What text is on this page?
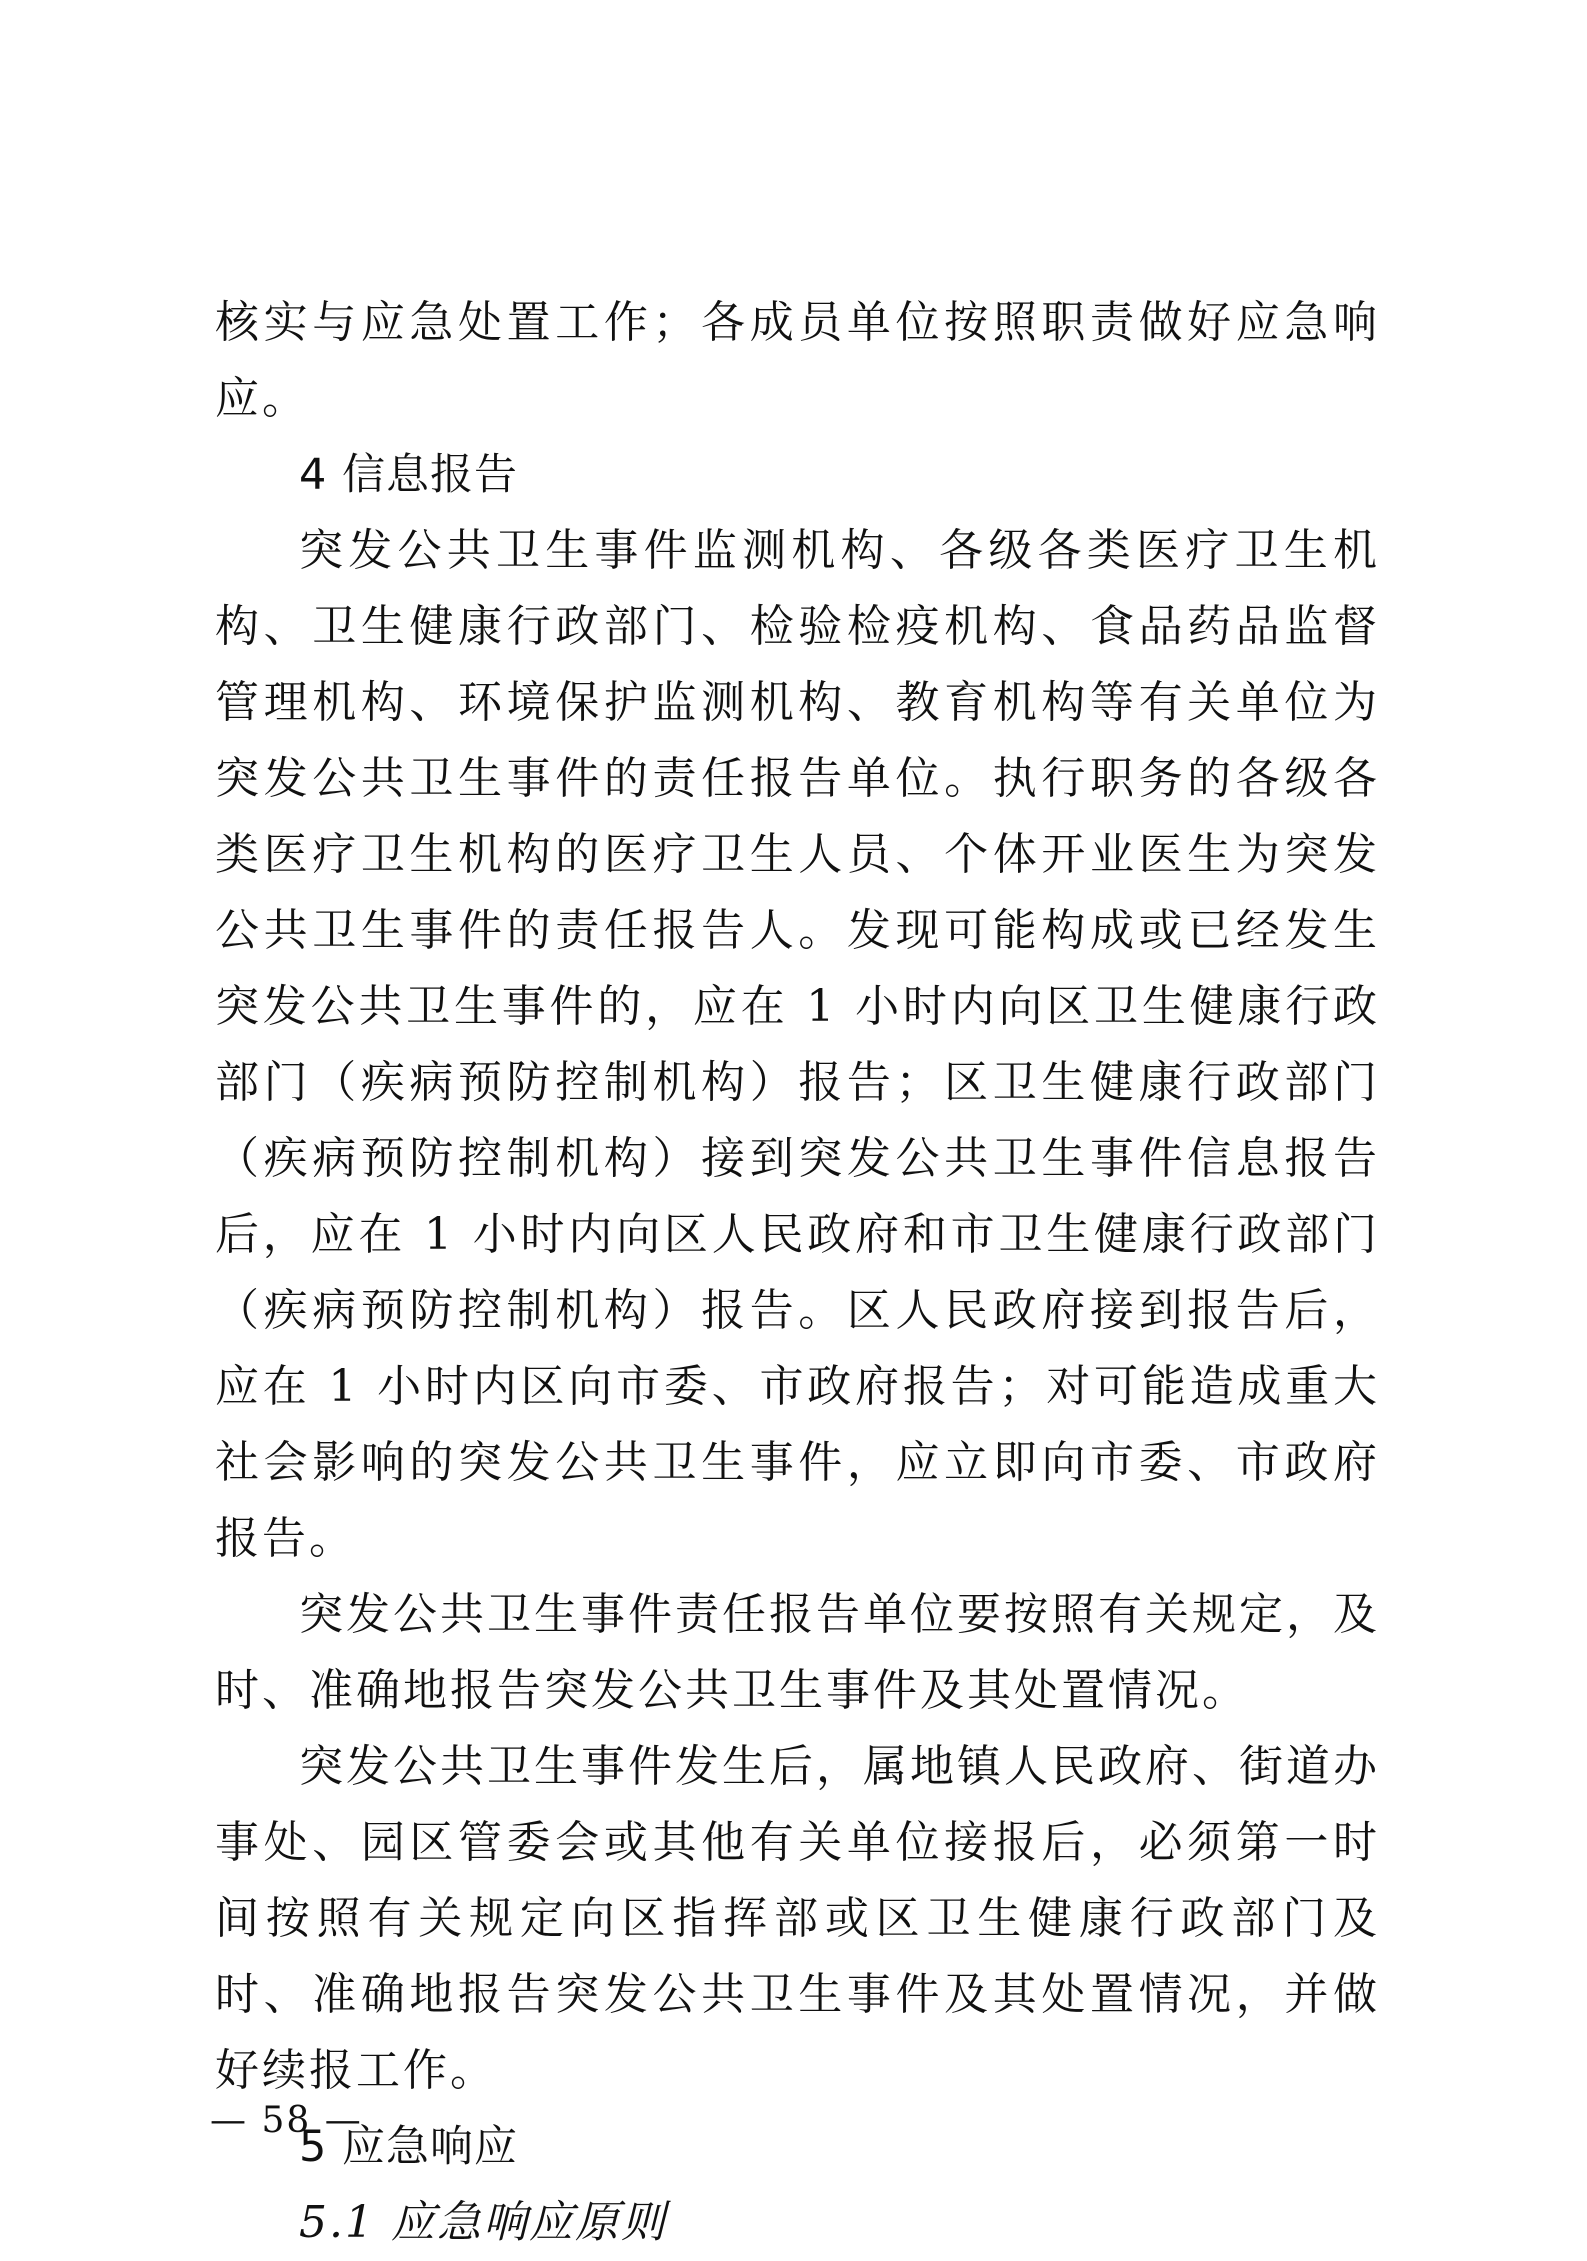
核实与应急处置工作；各成员单位按照职责做好应急响应。

4 信息报告

突发公共卫生事件监测机构、各级各类医疗卫生机构、卫生健康行政部门、检验检疫机构、食品药品监督管理机构、环境保护监测机构、教育机构等有关单位为突发公共卫生事件的责任报告单位。执行职务的各级各类医疗卫生机构的医疗卫生人员、个体开业医生为突发公共卫生事件的责任报告人。发现可能构成或已经发生突发公共卫生事件的，应在 1 小时内向区卫生健康行政部门（疾病预防控制机构）报告；区卫生健康行政部门（疾病预防控制机构）接到突发公共卫生事件信息报告后，应在 1 小时内向区人民政府和市卫生健康行政部门（疾病预防控制机构）报告。区人民政府接到报告后，应在 1 小时内区向市委、市政府报告；对可能造成重大社会影响的突发公共卫生事件，应立即向市委、市政府报告。

突发公共卫生事件责任报告单位要按照有关规定，及时、准确地报告突发公共卫生事件及其处置情况。

突发公共卫生事件发生后，属地镇人民政府、街道办事处、园区管委会或其他有关单位接报后，必须第一时间按照有关规定向区指挥部或区卫生健康行政部门及时、准确地报告突发公共卫生事件及其处置情况，并做好续报工作。

5 应急响应
5.1 应急响应原则
— 58 —
